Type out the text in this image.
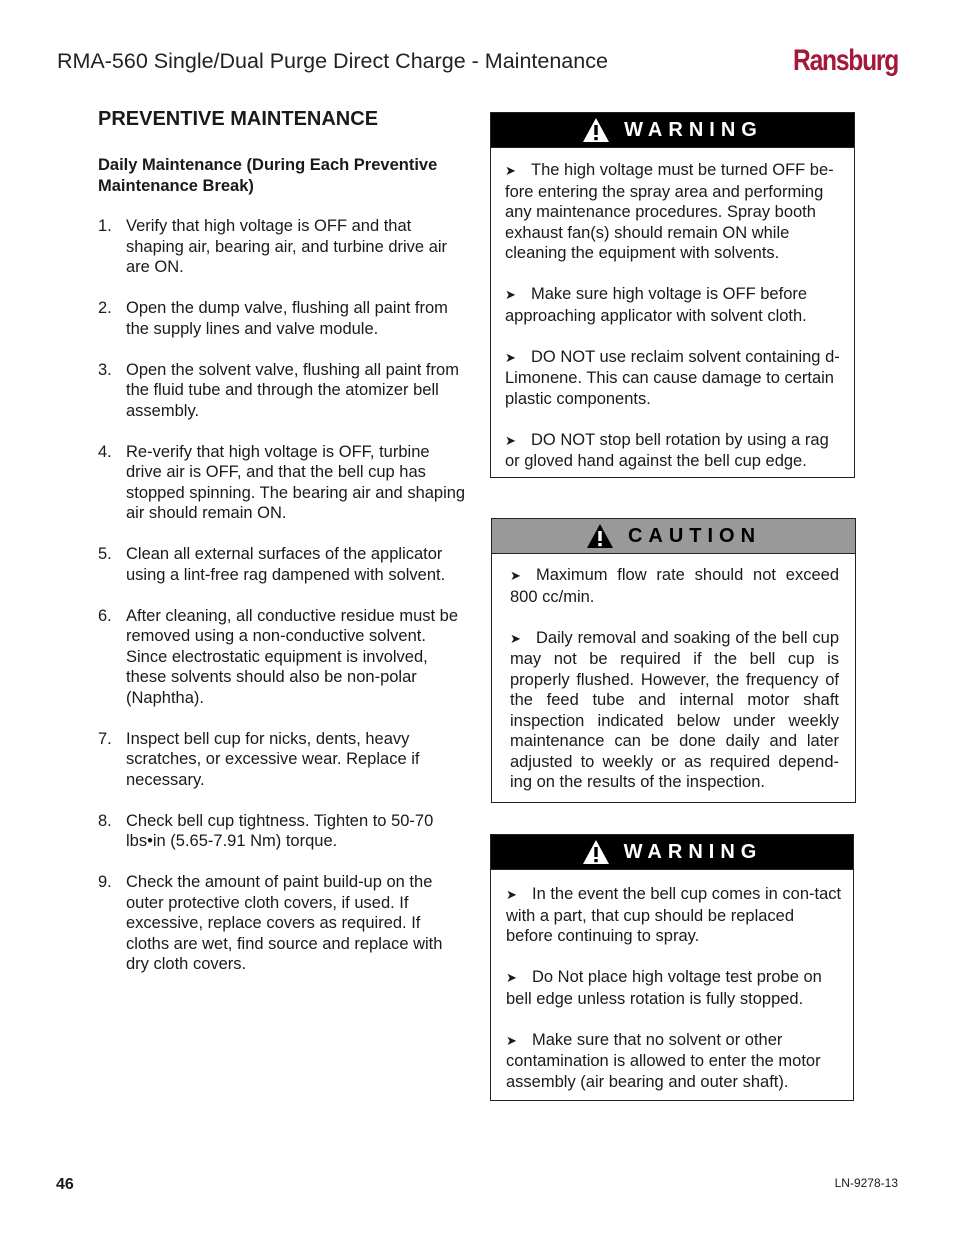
RMA-560 Single/Dual Purge Direct Charge - Maintenance	Ransburg
PREVENTIVE MAINTENANCE
Daily Maintenance (During Each Preventive Maintenance Break)
1. Verify that high voltage is OFF and that shaping air, bearing air, and turbine drive air are ON.
2. Open the dump valve, flushing all paint from the supply lines and valve module.
3. Open the solvent valve, flushing all paint from the fluid tube and through the atomizer bell assembly.
4. Re-verify that high voltage is OFF, turbine drive air is OFF, and that the bell cup has stopped spinning. The bearing air and shaping air should remain ON.
5. Clean all external surfaces of the applicator using a lint-free rag dampened with solvent.
6. After cleaning, all conductive residue must be removed using a non-conductive solvent. Since electrostatic equipment is involved, these solvents should also be non-polar (Naphtha).
7. Inspect bell cup for nicks, dents, heavy scratches, or excessive wear. Replace if necessary.
8. Check bell cup tightness. Tighten to 50-70 lbs•in (5.65-7.91 Nm) torque.
9. Check the amount of paint build-up on the outer protective cloth covers, if used. If excessive, replace covers as required. If cloths are wet, find source and replace with dry cloth covers.
WARNING
➤ The high voltage must be turned OFF be-fore entering the spray area and performing any maintenance procedures. Spray booth exhaust fan(s) should remain ON while cleaning the equipment with solvents.
➤ Make sure high voltage is OFF before approaching applicator with solvent cloth.
➤ DO NOT use reclaim solvent containing d-Limonene. This can cause damage to certain plastic components.
➤ DO NOT stop bell rotation by using a rag or gloved hand against the bell cup edge.
CAUTION
➤ Maximum flow rate should not exceed 800 cc/min.
➤ Daily removal and soaking of the bell cup may not be required if the bell cup is properly flushed. However, the frequency of the feed tube and internal motor shaft inspection indicated below under weekly maintenance can be done daily and later adjusted to weekly or as required depend-ing on the results of the inspection.
WARNING
➤ In the event the bell cup comes in con-tact with a part, that cup should be replaced before continuing to spray.
➤ Do Not place high voltage test probe on bell edge unless rotation is fully stopped.
➤ Make sure that no solvent or other contamination is allowed to enter the motor assembly (air bearing and outer shaft).
46	LN-9278-13
